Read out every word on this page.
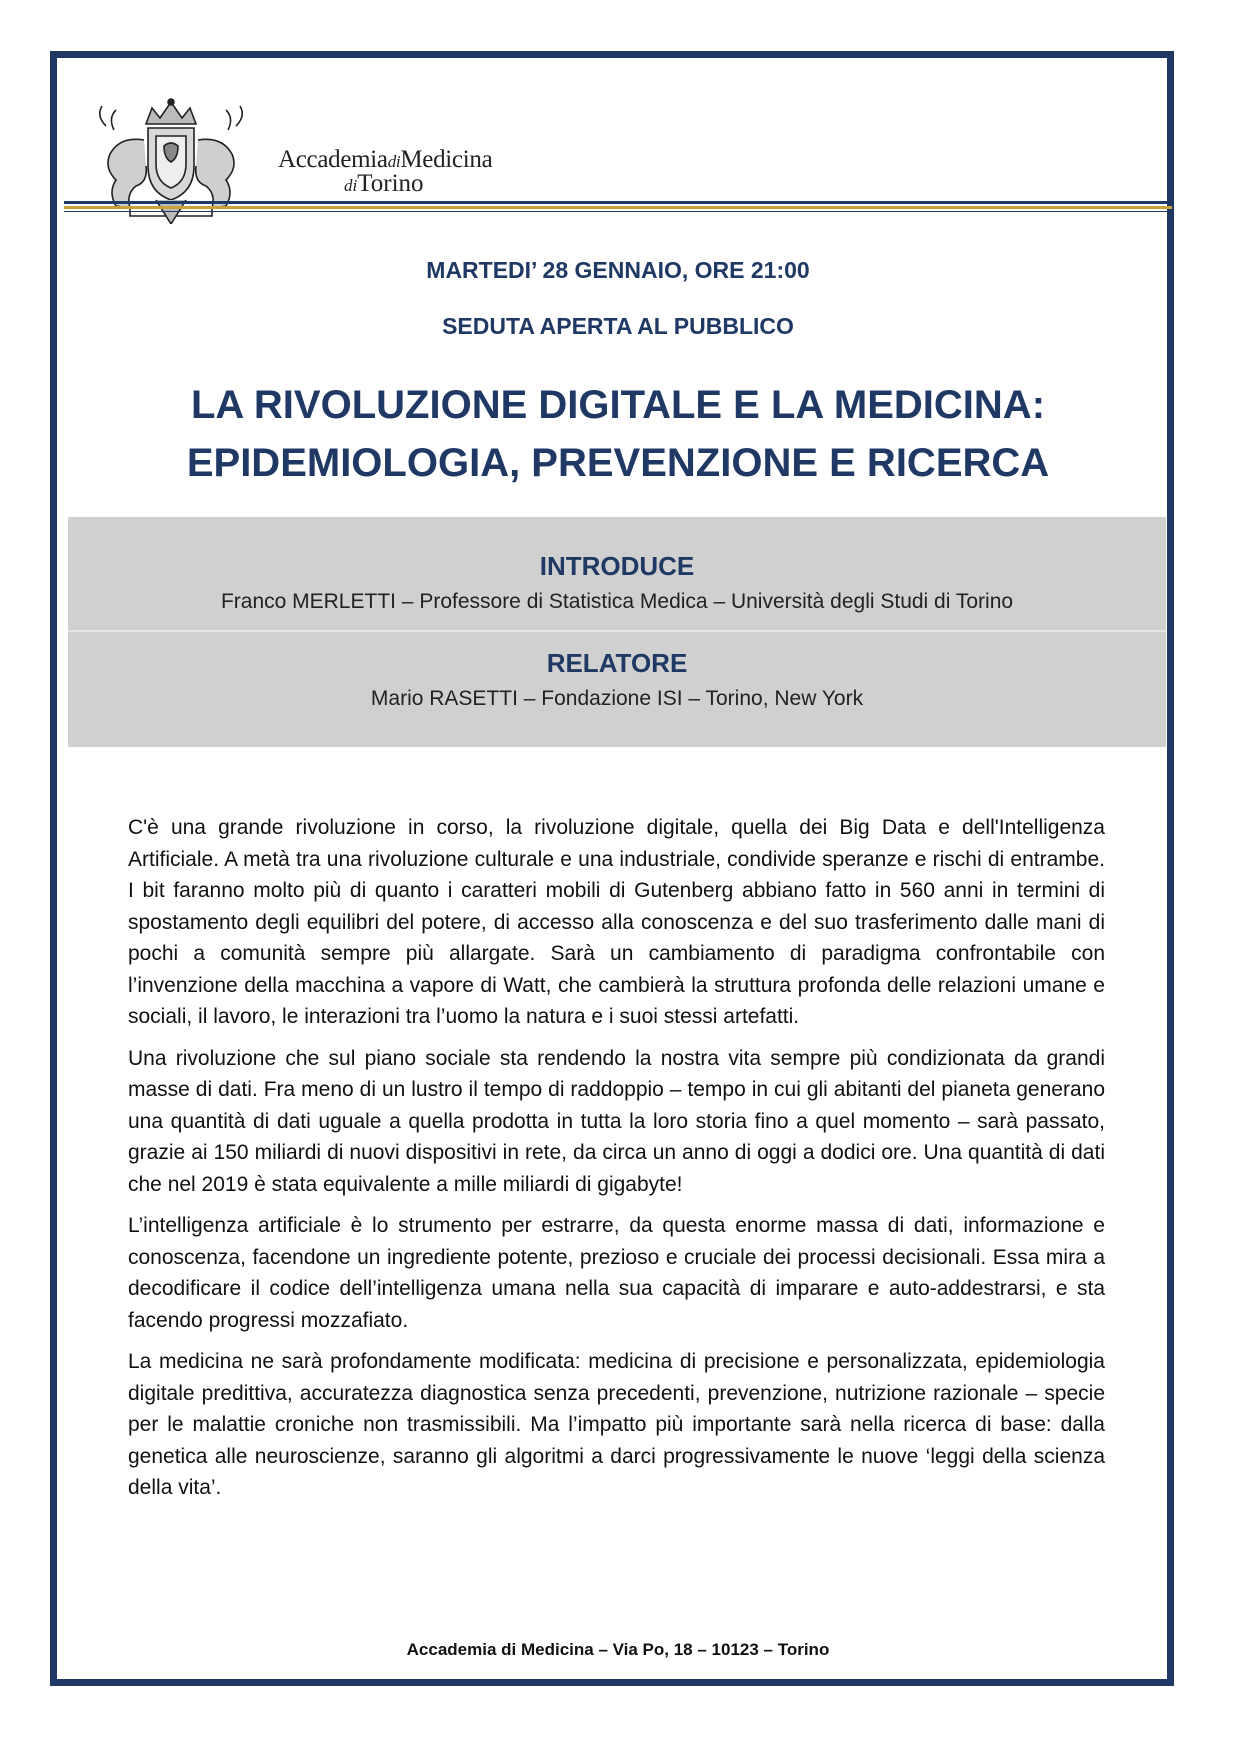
AccademiadiMedicina
diTorino
MARTEDI’ 28 GENNAIO, ORE 21:00
SEDUTA APERTA AL PUBBLICO
LA RIVOLUZIONE DIGITALE E LA MEDICINA:
EPIDEMIOLOGIA, PREVENZIONE E RICERCA
INTRODUCE
Franco MERLETTI – Professore di Statistica Medica – Università degli Studi di Torino
RELATORE
Mario RASETTI – Fondazione ISI – Torino, New York

C'è una grande rivoluzione in corso, la rivoluzione digitale, quella dei Big Data e dell'Intelligenza Artificiale. A metà tra una rivoluzione culturale e una industriale, condivide speranze e rischi di entrambe. I bit faranno molto più di quanto i caratteri mobili di Gutenberg abbiano fatto in 560 anni in termini di spostamento degli equilibri del potere, di accesso alla conoscenza e del suo trasferimento dalle mani di pochi a comunità sempre più allargate. Sarà un cambiamento di paradigma confrontabile con l’invenzione della macchina a vapore di Watt, che cambierà la struttura profonda delle relazioni umane e sociali, il lavoro, le interazioni tra l’uomo la natura e i suoi stessi artefatti.

Una rivoluzione che sul piano sociale sta rendendo la nostra vita sempre più condizionata da grandi masse di dati. Fra meno di un lustro il tempo di raddoppio – tempo in cui gli abitanti del pianeta generano una quantità di dati uguale a quella prodotta in tutta la loro storia fino a quel momento – sarà passato, grazie ai 150 miliardi di nuovi dispositivi in rete, da circa un anno di oggi a dodici ore. Una quantità di dati che nel 2019 è stata equivalente a mille miliardi di gigabyte!

L’intelligenza artificiale è lo strumento per estrarre, da questa enorme massa di dati, informazione e conoscenza, facendone un ingrediente potente, prezioso e cruciale dei processi decisionali. Essa mira a decodificare il codice dell’intelligenza umana nella sua capacità di imparare e auto-addestrarsi, e sta facendo progressi mozzafiato.

La medicina ne sarà profondamente modificata: medicina di precisione e personalizzata, epidemiologia digitale predittiva, accuratezza diagnostica senza precedenti, prevenzione, nutrizione razionale – specie per le malattie croniche non trasmissibili. Ma l’impatto più importante sarà nella ricerca di base: dalla genetica alle neuroscienze, saranno gli algoritmi a darci progressivamente le nuove ‘leggi della scienza della vita’.

Accademia di Medicina – Via Po, 18 – 10123 – Torino
